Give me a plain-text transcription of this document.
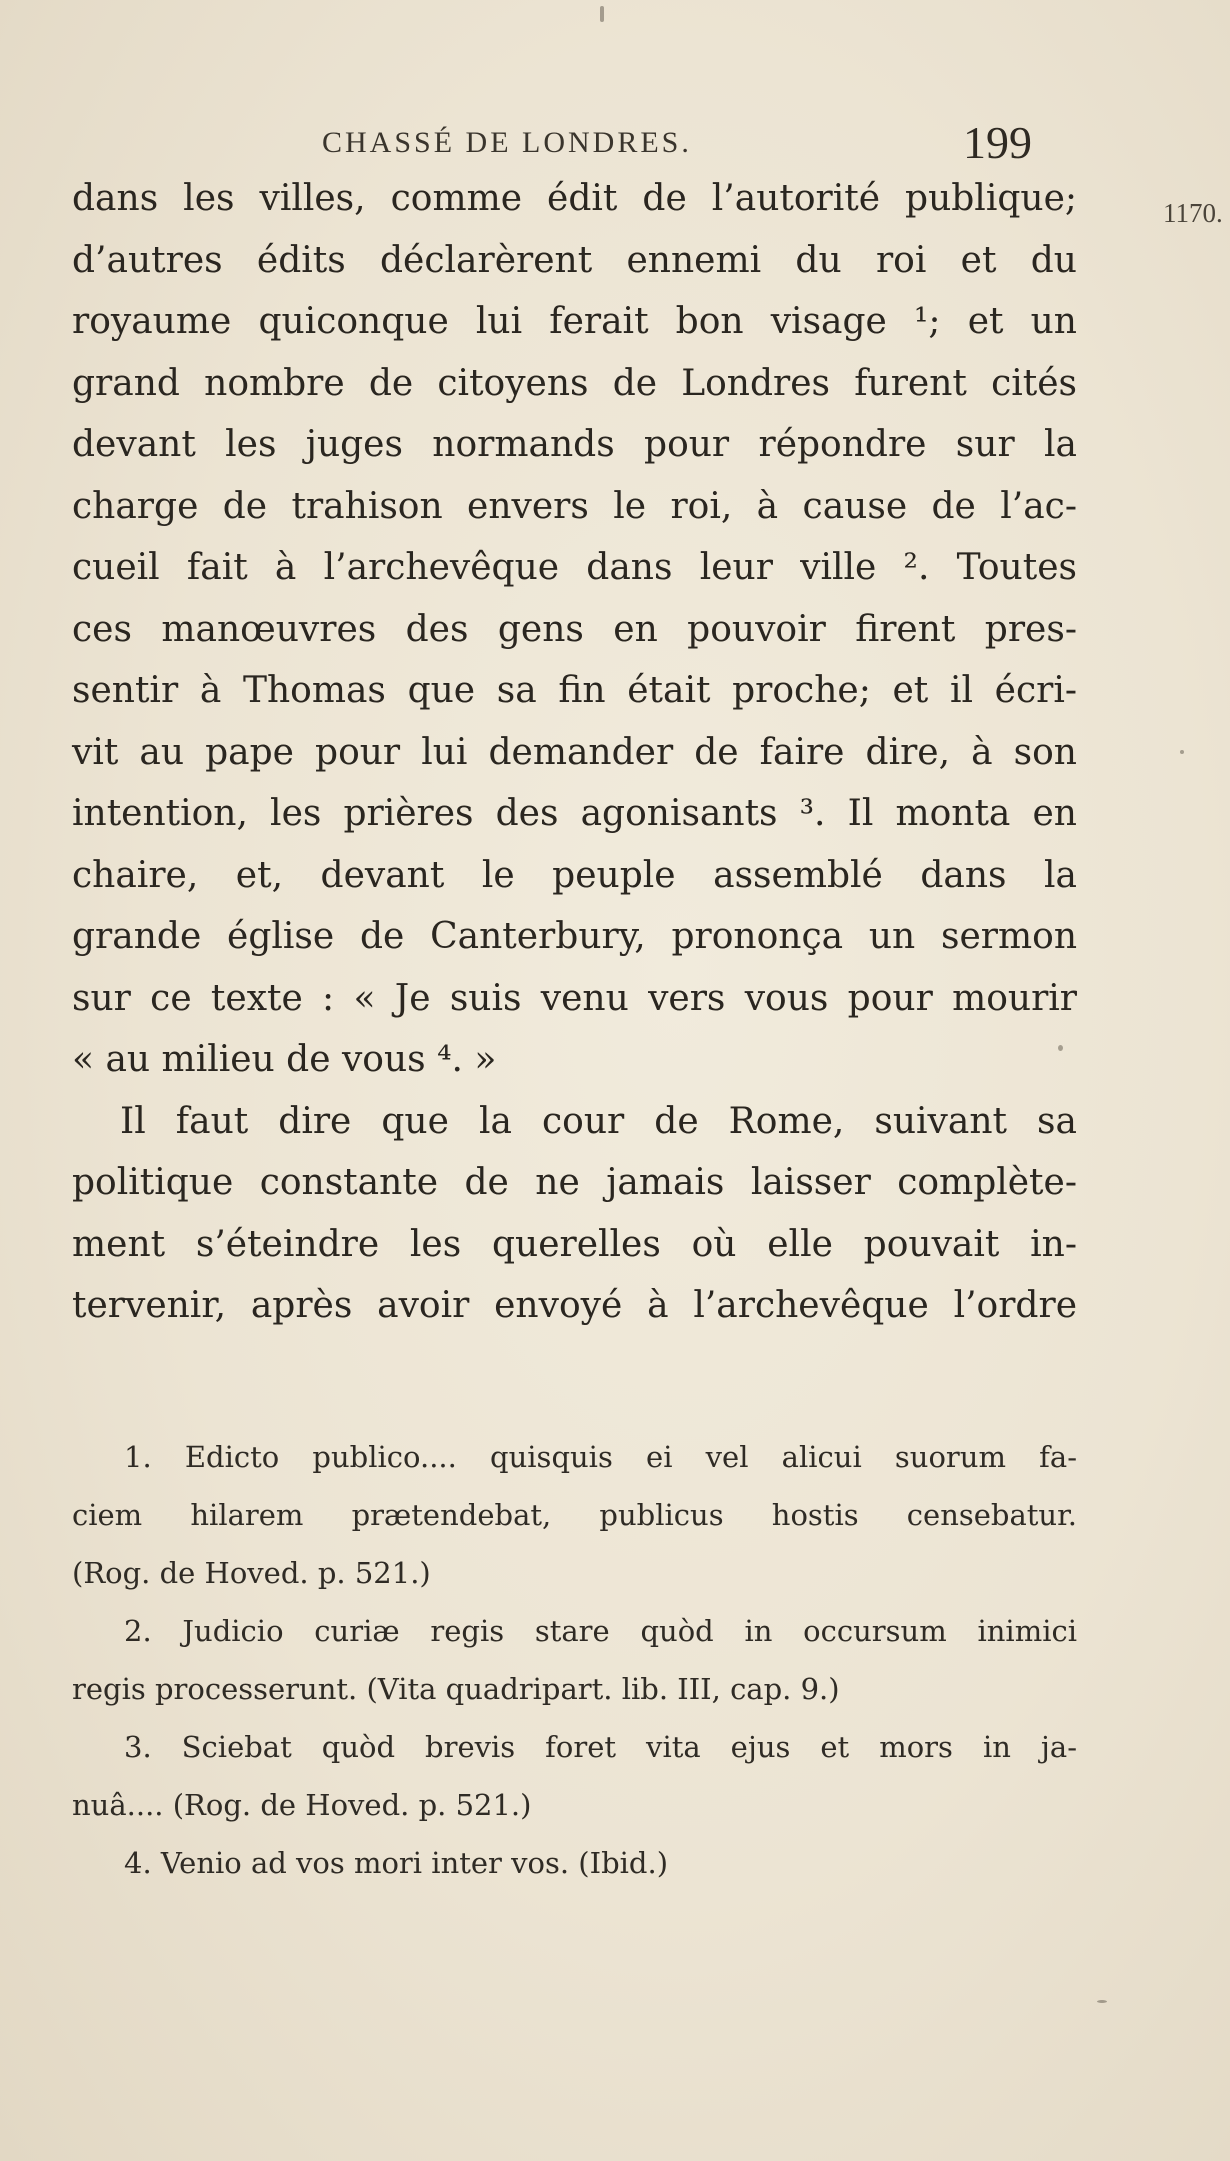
CHASSÉ DE LONDRES.	199
1170.
dans les villes, comme édit de l’autorité publique;
d’autres édits déclarèrent ennemi du roi et du
royaume quiconque lui ferait bon visage ¹; et un
grand nombre de citoyens de Londres furent cités
devant les juges normands pour répondre sur la
charge de trahison envers le roi, à cause de l’ac-
cueil fait à l’archevêque dans leur ville ². Toutes
ces manœuvres des gens en pouvoir firent pres-
sentir à Thomas que sa fin était proche; et il écri-
vit au pape pour lui demander de faire dire, à son
intention, les prières des agonisants ³. Il monta en
chaire, et, devant le peuple assemblé dans la
grande église de Canterbury, prononça un sermon
sur ce texte : « Je suis venu vers vous pour mourir
« au milieu de vous ⁴. »
Il faut dire que la cour de Rome, suivant sa
politique constante de ne jamais laisser complète-
ment s’éteindre les querelles où elle pouvait in-
tervenir, après avoir envoyé à l’archevêque l’ordre
1. Edicto publico.... quisquis ei vel alicui suorum fa-
ciem hilarem prætendebat, publicus hostis censebatur.
(Rog. de Hoved. p. 521.)
2. Judicio curiæ regis stare quòd in occursum inimici
regis processerunt. (Vita quadripart. lib. III, cap. 9.)
3. Sciebat quòd brevis foret vita ejus et mors in ja-
nuâ.... (Rog. de Hoved. p. 521.)
4. Venio ad vos mori inter vos. (Ibid.)
